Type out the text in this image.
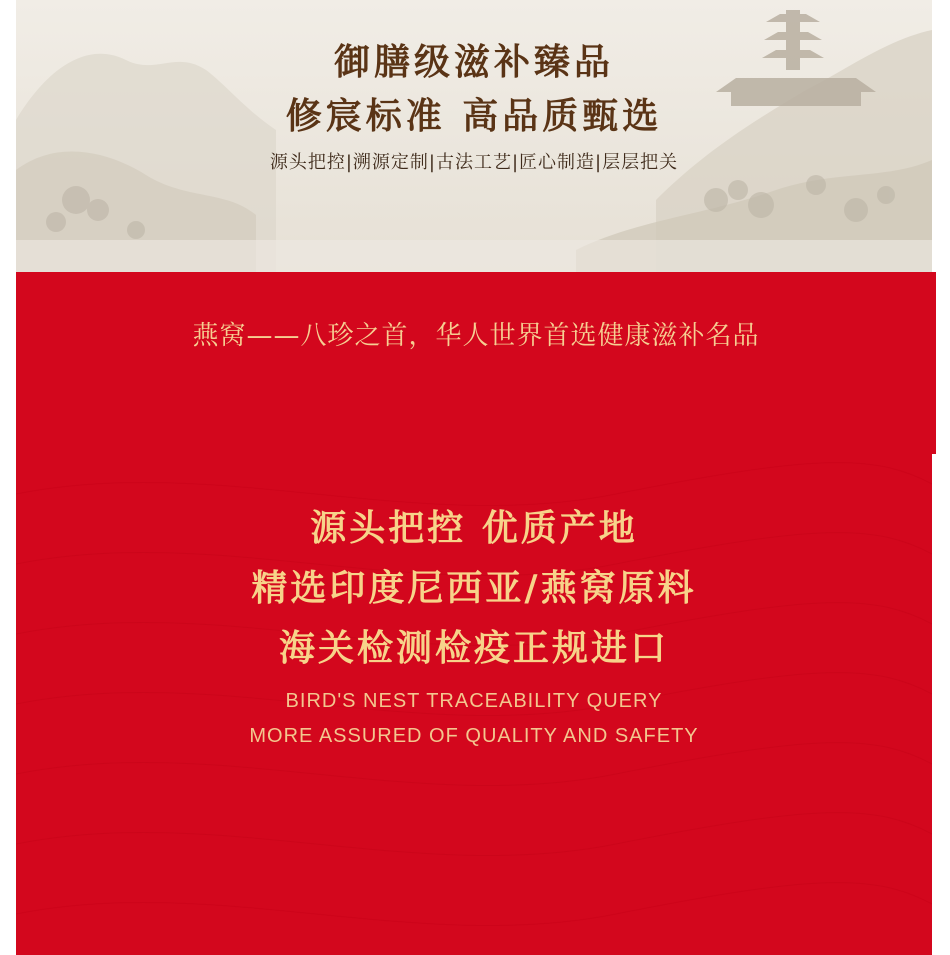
御膳级滋补臻品
修宸标准 高品质甄选
源头把控|溯源定制|古法工艺|匠心制造|层层把关
燕窝——八珍之首，华人世界首选健康滋补名品
源头把控 优质产地
精选印度尼西亚/燕窝原料
海关检测检疫正规进口
BIRD'S NEST TRACEABILITY QUERY
MORE ASSURED OF QUALITY AND SAFETY
